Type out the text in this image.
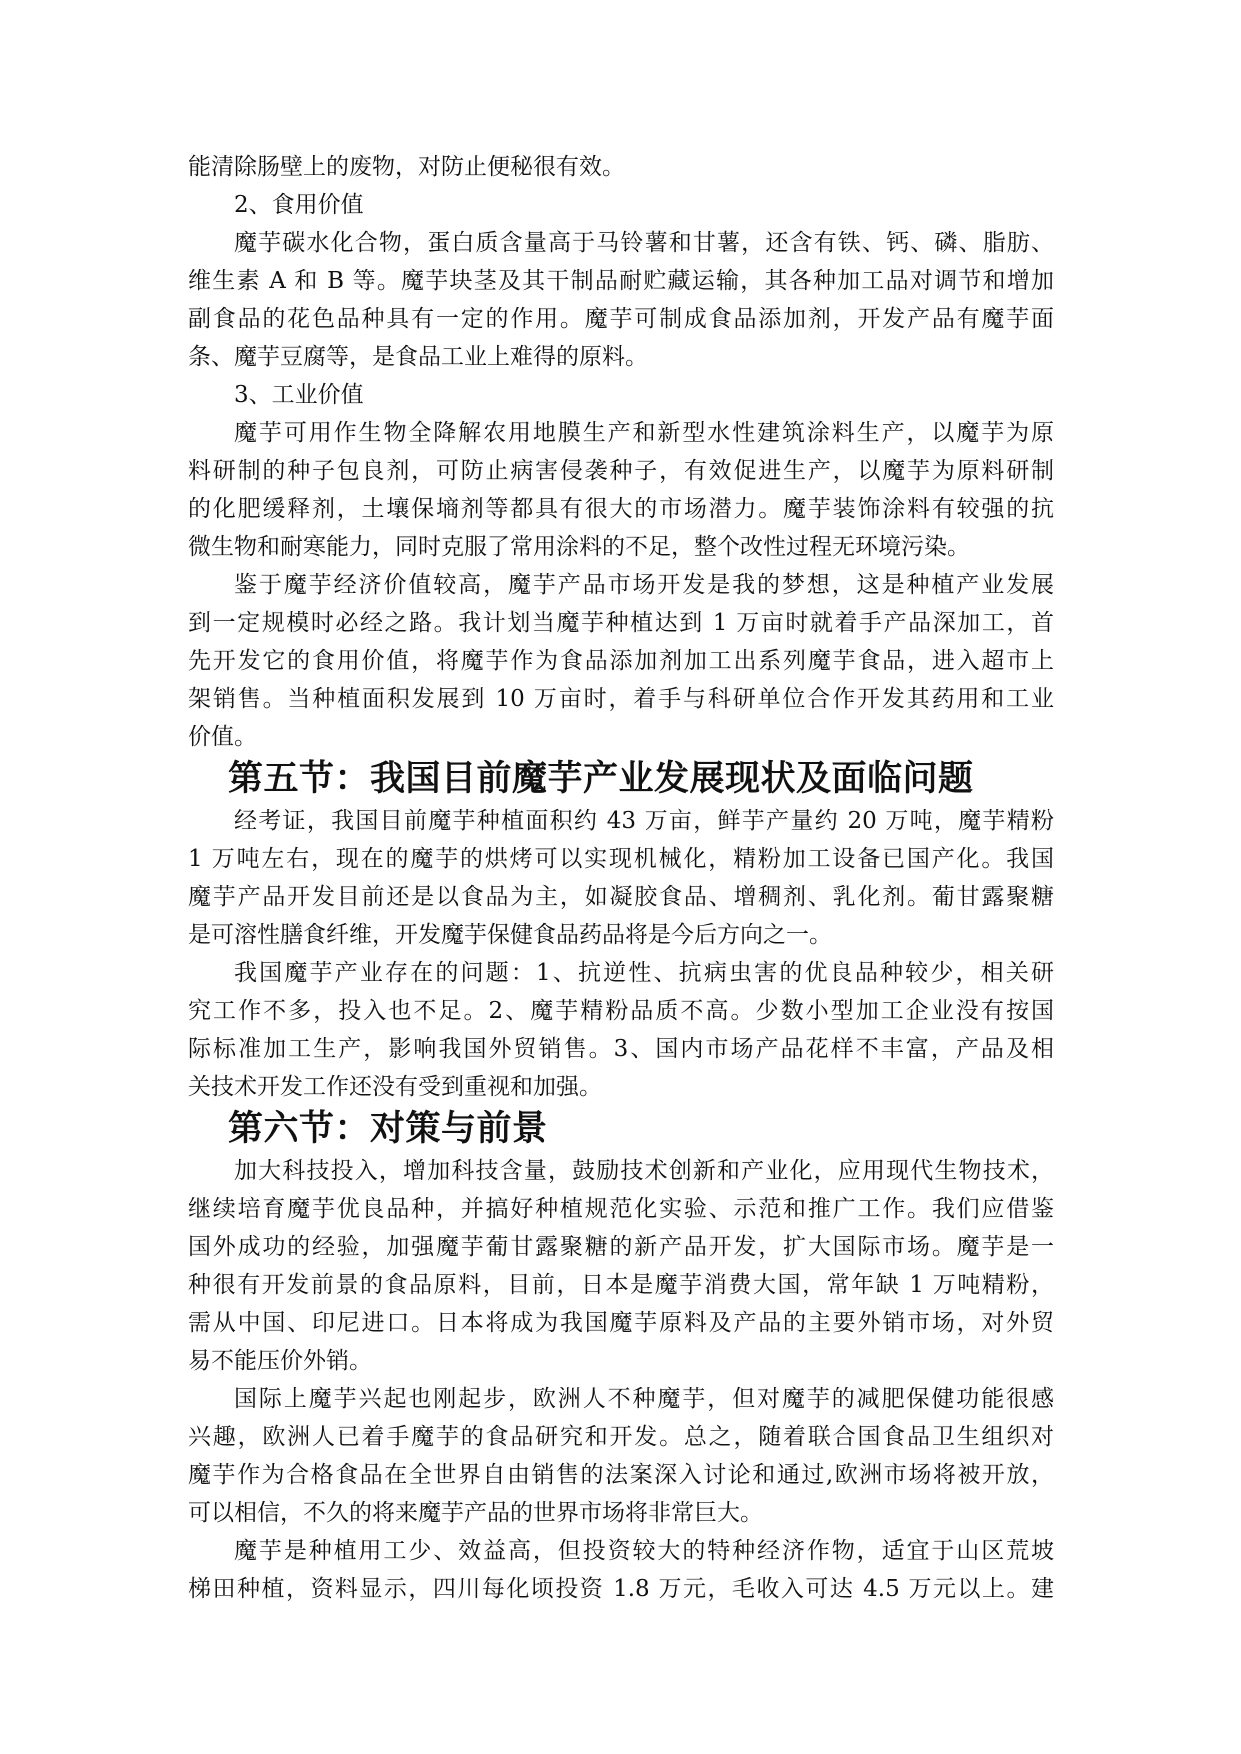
能清除肠壁上的废物，对防止便秘很有效。

2、食用价值

魔芋碳水化合物，蛋白质含量高于马铃薯和甘薯，还含有铁、钙、磷、脂肪、

维生素 A 和 B 等。魔芋块茎及其干制品耐贮藏运输，其各种加工品对调节和增加

副食品的花色品种具有一定的作用。魔芋可制成食品添加剂，开发产品有魔芋面

条、魔芋豆腐等，是食品工业上难得的原料。

3、工业价值

魔芋可用作生物全降解农用地膜生产和新型水性建筑涂料生产，以魔芋为原

料研制的种子包良剂，可防止病害侵袭种子，有效促进生产，以魔芋为原料研制

的化肥缓释剂，土壤保墒剂等都具有很大的市场潜力。魔芋装饰涂料有较强的抗

微生物和耐寒能力，同时克服了常用涂料的不足，整个改性过程无环境污染。

鉴于魔芋经济价值较高，魔芋产品市场开发是我的梦想，这是种植产业发展

到一定规模时必经之路。我计划当魔芋种植达到 1 万亩时就着手产品深加工，首

先开发它的食用价值，将魔芋作为食品添加剂加工出系列魔芋食品，进入超市上

架销售。当种植面积发展到 10 万亩时，着手与科研单位合作开发其药用和工业

价值。

第五节：我国目前魔芋产业发展现状及面临问题

经考证，我国目前魔芋种植面积约 43 万亩，鲜芋产量约 20 万吨，魔芋精粉

1 万吨左右，现在的魔芋的烘烤可以实现机械化，精粉加工设备已国产化。我国

魔芋产品开发目前还是以食品为主，如凝胶食品、增稠剂、乳化剂。葡甘露聚糖

是可溶性膳食纤维，开发魔芋保健食品药品将是今后方向之一。

我国魔芋产业存在的问题：1、抗逆性、抗病虫害的优良品种较少，相关研

究工作不多，投入也不足。2、魔芋精粉品质不高。少数小型加工企业没有按国

际标准加工生产，影响我国外贸销售。3、国内市场产品花样不丰富，产品及相

关技术开发工作还没有受到重视和加强。

第六节：对策与前景

加大科技投入，增加科技含量，鼓励技术创新和产业化，应用现代生物技术，

继续培育魔芋优良品种，并搞好种植规范化实验、示范和推广工作。我们应借鉴

国外成功的经验，加强魔芋葡甘露聚糖的新产品开发，扩大国际市场。魔芋是一

种很有开发前景的食品原料，目前，日本是魔芋消费大国，常年缺 1 万吨精粉，

需从中国、印尼进口。日本将成为我国魔芋原料及产品的主要外销市场，对外贸

易不能压价外销。

国际上魔芋兴起也刚起步，欧洲人不种魔芋，但对魔芋的减肥保健功能很感

兴趣，欧洲人已着手魔芋的食品研究和开发。总之，随着联合国食品卫生组织对

魔芋作为合格食品在全世界自由销售的法案深入讨论和通过,欧洲市场将被开放，

可以相信，不久的将来魔芋产品的世界市场将非常巨大。

魔芋是种植用工少、效益高，但投资较大的特种经济作物，适宜于山区荒坡

梯田种植，资料显示，四川每化顷投资 1.8 万元，毛收入可达 4.5 万元以上。建
